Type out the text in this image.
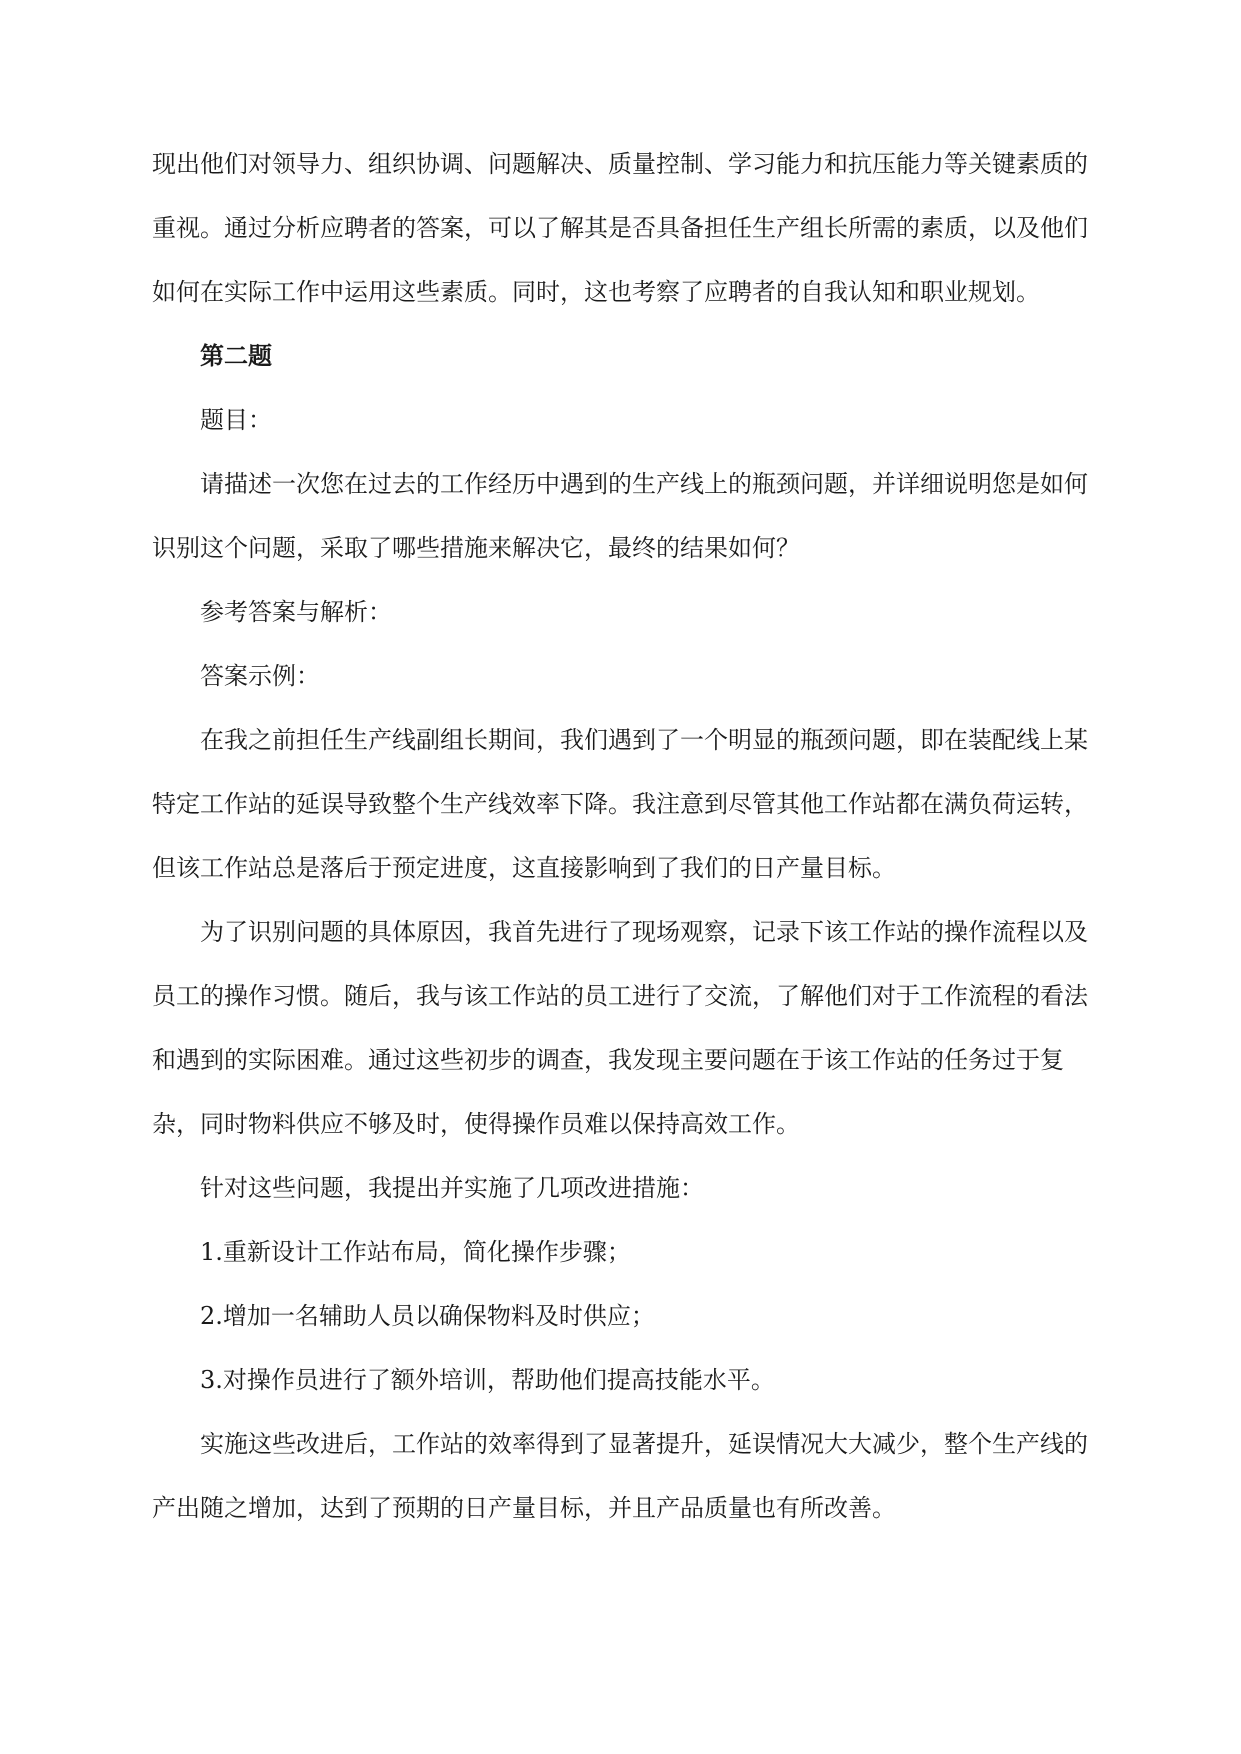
现出他们对领导力、组织协调、问题解决、质量控制、学习能力和抗压能力等关键素质的重视。通过分析应聘者的答案，可以了解其是否具备担任生产组长所需的素质，以及他们如何在实际工作中运用这些素质。同时，这也考察了应聘者的自我认知和职业规划。

第二题

题目：

请描述一次您在过去的工作经历中遇到的生产线上的瓶颈问题，并详细说明您是如何识别这个问题，采取了哪些措施来解决它，最终的结果如何？

参考答案与解析：

答案示例：

在我之前担任生产线副组长期间，我们遇到了一个明显的瓶颈问题，即在装配线上某特定工作站的延误导致整个生产线效率下降。我注意到尽管其他工作站都在满负荷运转，但该工作站总是落后于预定进度，这直接影响到了我们的日产量目标。

为了识别问题的具体原因，我首先进行了现场观察，记录下该工作站的操作流程以及员工的操作习惯。随后，我与该工作站的员工进行了交流，了解他们对于工作流程的看法和遇到的实际困难。通过这些初步的调查，我发现主要问题在于该工作站的任务过于复杂，同时物料供应不够及时，使得操作员难以保持高效工作。

针对这些问题，我提出并实施了几项改进措施：

1.重新设计工作站布局，简化操作步骤；

2.增加一名辅助人员以确保物料及时供应；

3.对操作员进行了额外培训，帮助他们提高技能水平。

实施这些改进后，工作站的效率得到了显著提升，延误情况大大减少，整个生产线的产出随之增加，达到了预期的日产量目标，并且产品质量也有所改善。
